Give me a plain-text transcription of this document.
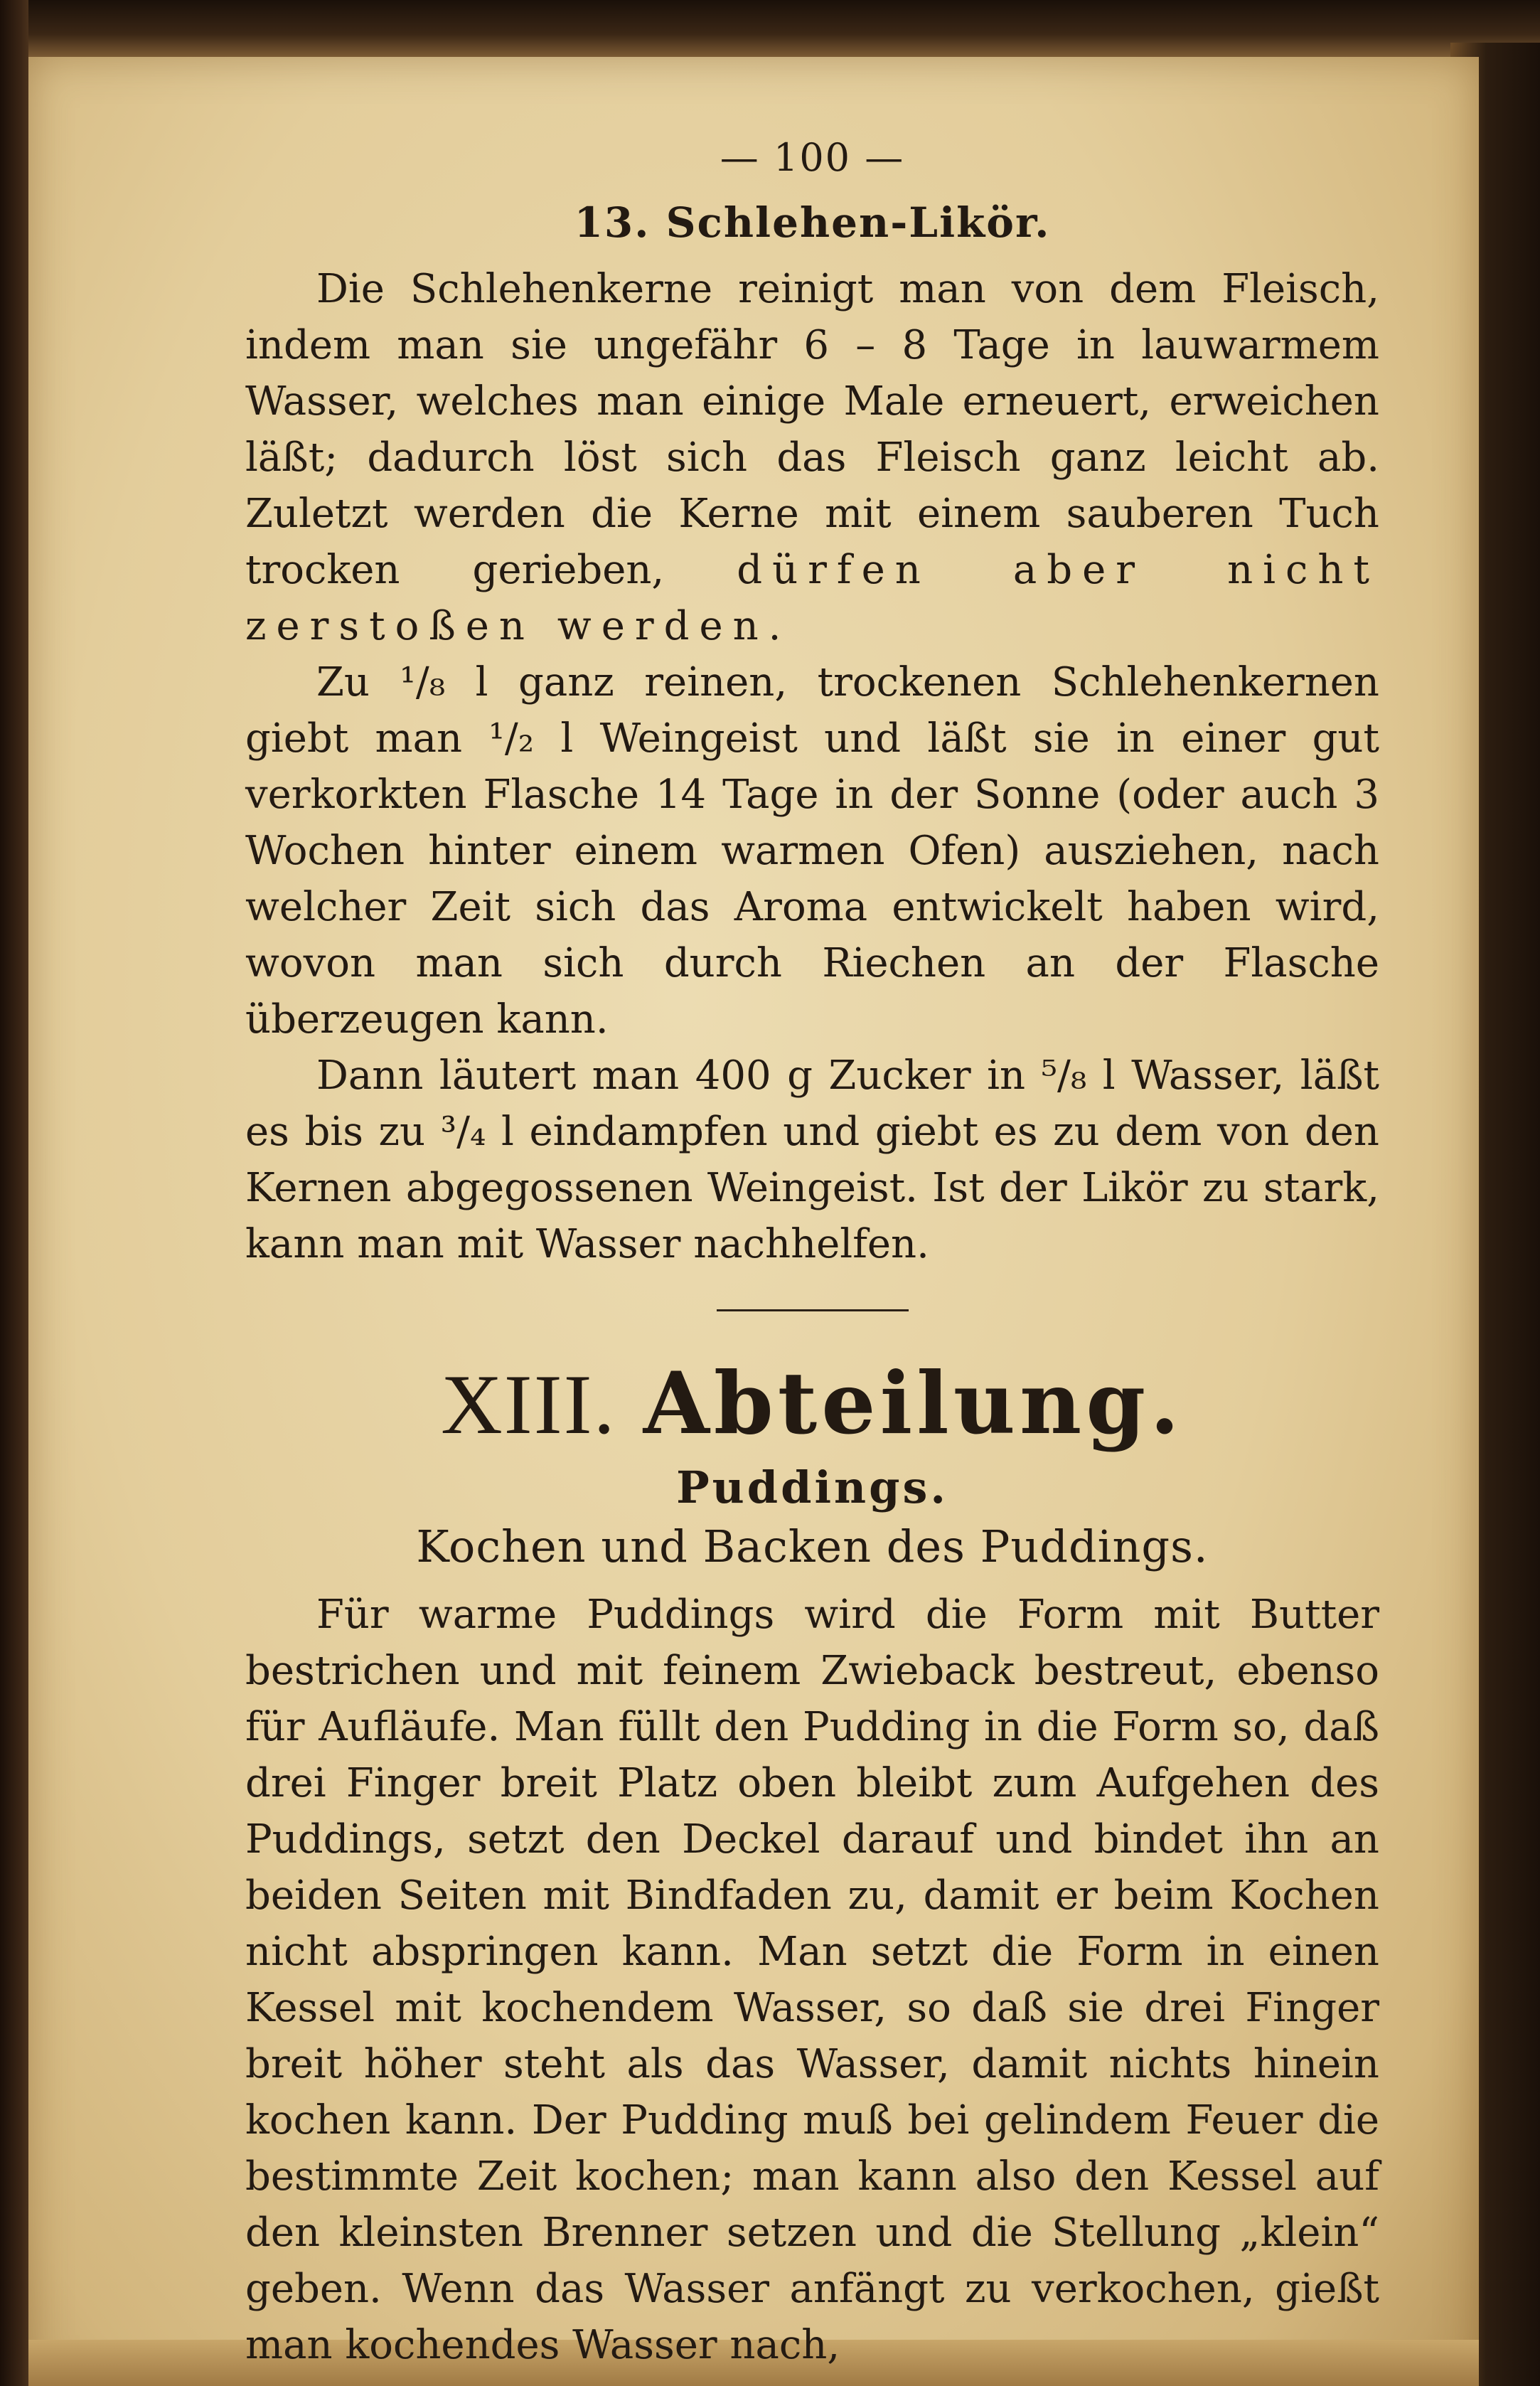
— 100 —
13. Schlehen-Likör.

Die Schlehenkerne reinigt man von dem Fleisch, indem man sie ungefähr 6 – 8 Tage in lauwarmem Wasser, welches man einige Male erneuert, erweichen läßt; dadurch löst sich das Fleisch ganz leicht ab. Zuletzt werden die Kerne mit einem sauberen Tuch trocken gerieben, dürfen aber nicht zerstoßen werden.

Zu ¹/₈ l ganz reinen, trockenen Schlehenkernen giebt man ¹/₂ l Weingeist und läßt sie in einer gut verkorkten Flasche 14 Tage in der Sonne (oder auch 3 Wochen hinter einem warmen Ofen) ausziehen, nach welcher Zeit sich das Aroma entwickelt haben wird, wovon man sich durch Riechen an der Flasche überzeugen kann.

Dann läutert man 400 g Zucker in ⁵/₈ l Wasser, läßt es bis zu ³/₄ l eindampfen und giebt es zu dem von den Kernen abgegossenen Weingeist. Ist der Likör zu stark, kann man mit Wasser nachhelfen.

XIII. Abteilung.
Puddings.
Kochen und Backen des Puddings.

Für warme Puddings wird die Form mit Butter bestrichen und mit feinem Zwieback bestreut, ebenso für Aufläufe. Man füllt den Pudding in die Form so, daß drei Finger breit Platz oben bleibt zum Aufgehen des Puddings, setzt den Deckel darauf und bindet ihn an beiden Seiten mit Bindfaden zu, damit er beim Kochen nicht abspringen kann. Man setzt die Form in einen Kessel mit kochendem Wasser, so daß sie drei Finger breit höher steht als das Wasser, damit nichts hinein kochen kann. Der Pudding muß bei gelindem Feuer die bestimmte Zeit kochen; man kann also den Kessel auf den kleinsten Brenner setzen und die Stellung „klein“ geben. Wenn das Wasser anfängt zu verkochen, gießt man kochendes Wasser nach,
